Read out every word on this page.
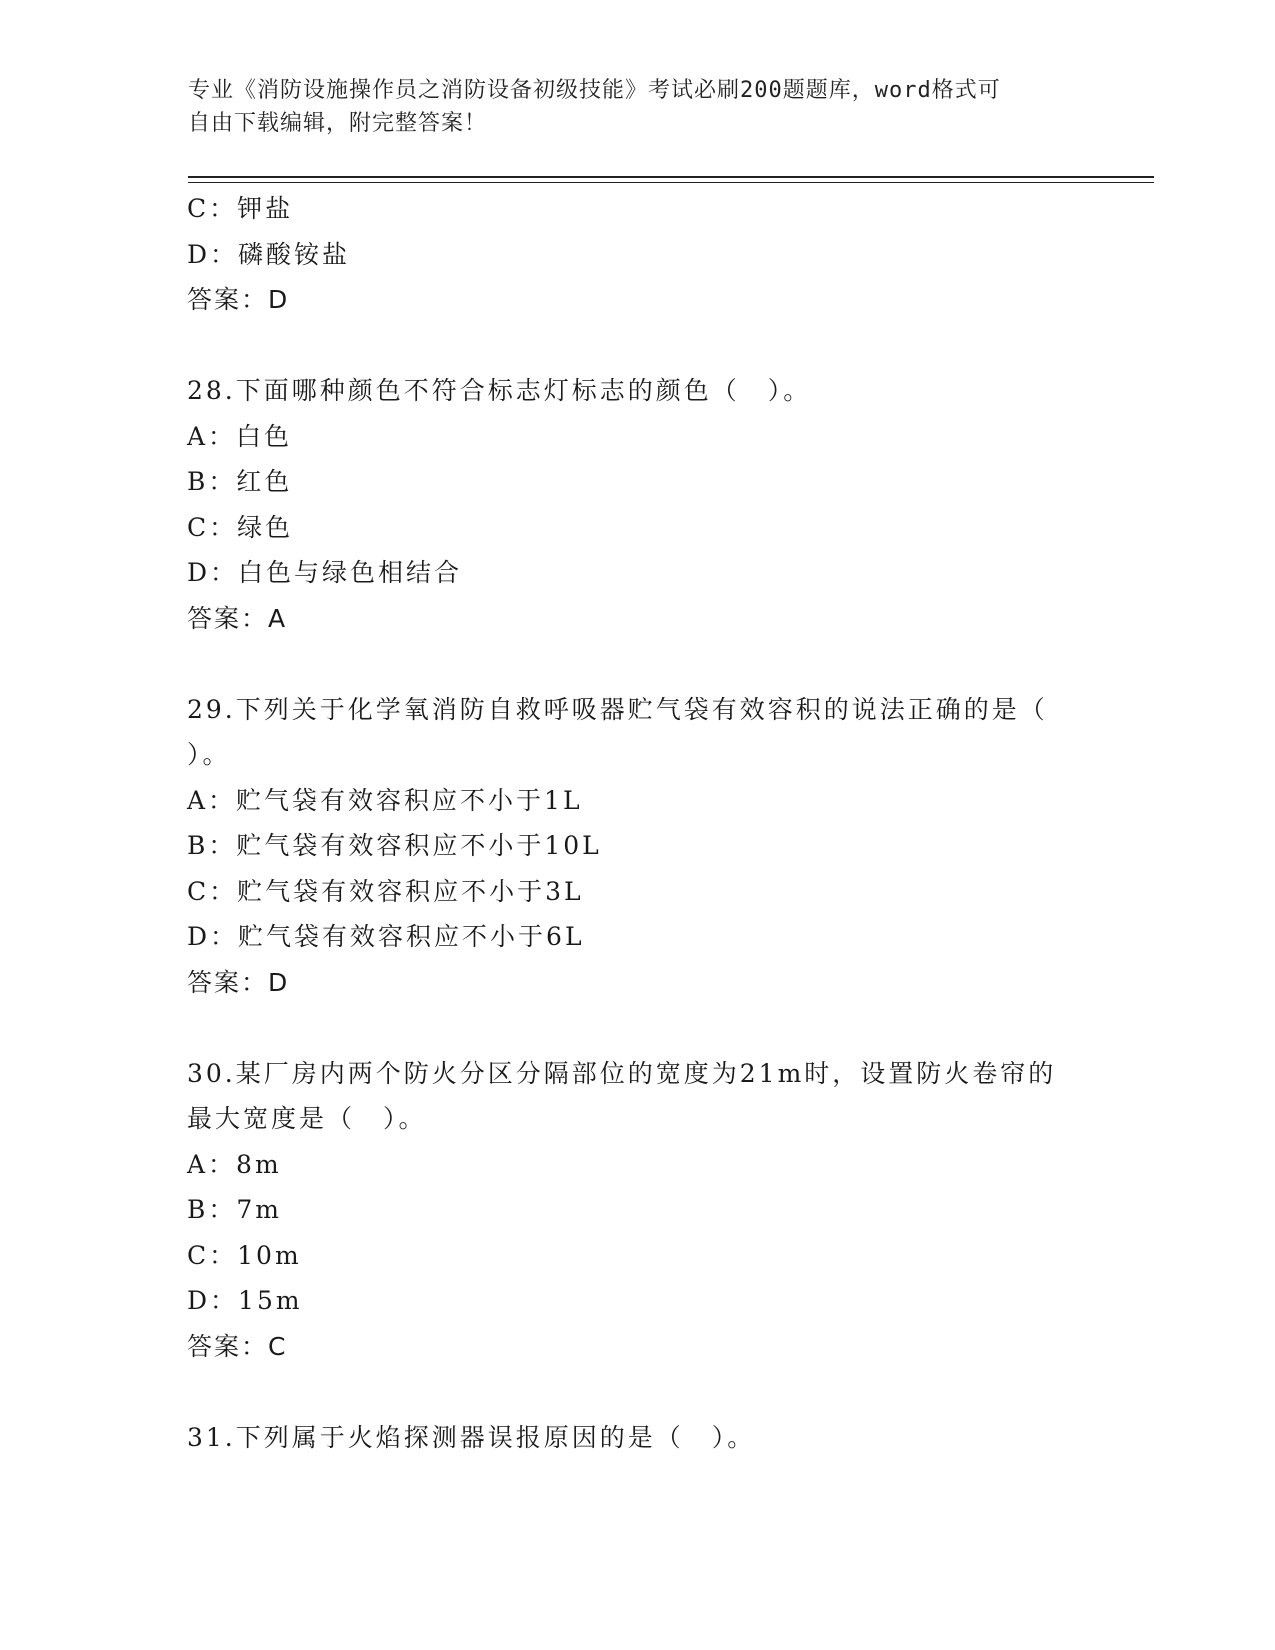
专业《消防设施操作员之消防设备初级技能》考试必刷200题题库，word格式可
自由下载编辑，附完整答案！
C：钾盐
D：磷酸铵盐
答案：D
28.下面哪种颜色不符合标志灯标志的颜色（　）。
A：白色
B：红色
C：绿色
D：白色与绿色相结合
答案：A
29.下列关于化学氧消防自救呼吸器贮气袋有效容积的说法正确的是（
）。
A：贮气袋有效容积应不小于1L
B：贮气袋有效容积应不小于10L
C：贮气袋有效容积应不小于3L
D：贮气袋有效容积应不小于6L
答案：D
30.某厂房内两个防火分区分隔部位的宽度为21m时，设置防火卷帘的
最大宽度是（　）。
A：8m
B：7m
C：10m
D：15m
答案：C
31.下列属于火焰探测器误报原因的是（　）。
